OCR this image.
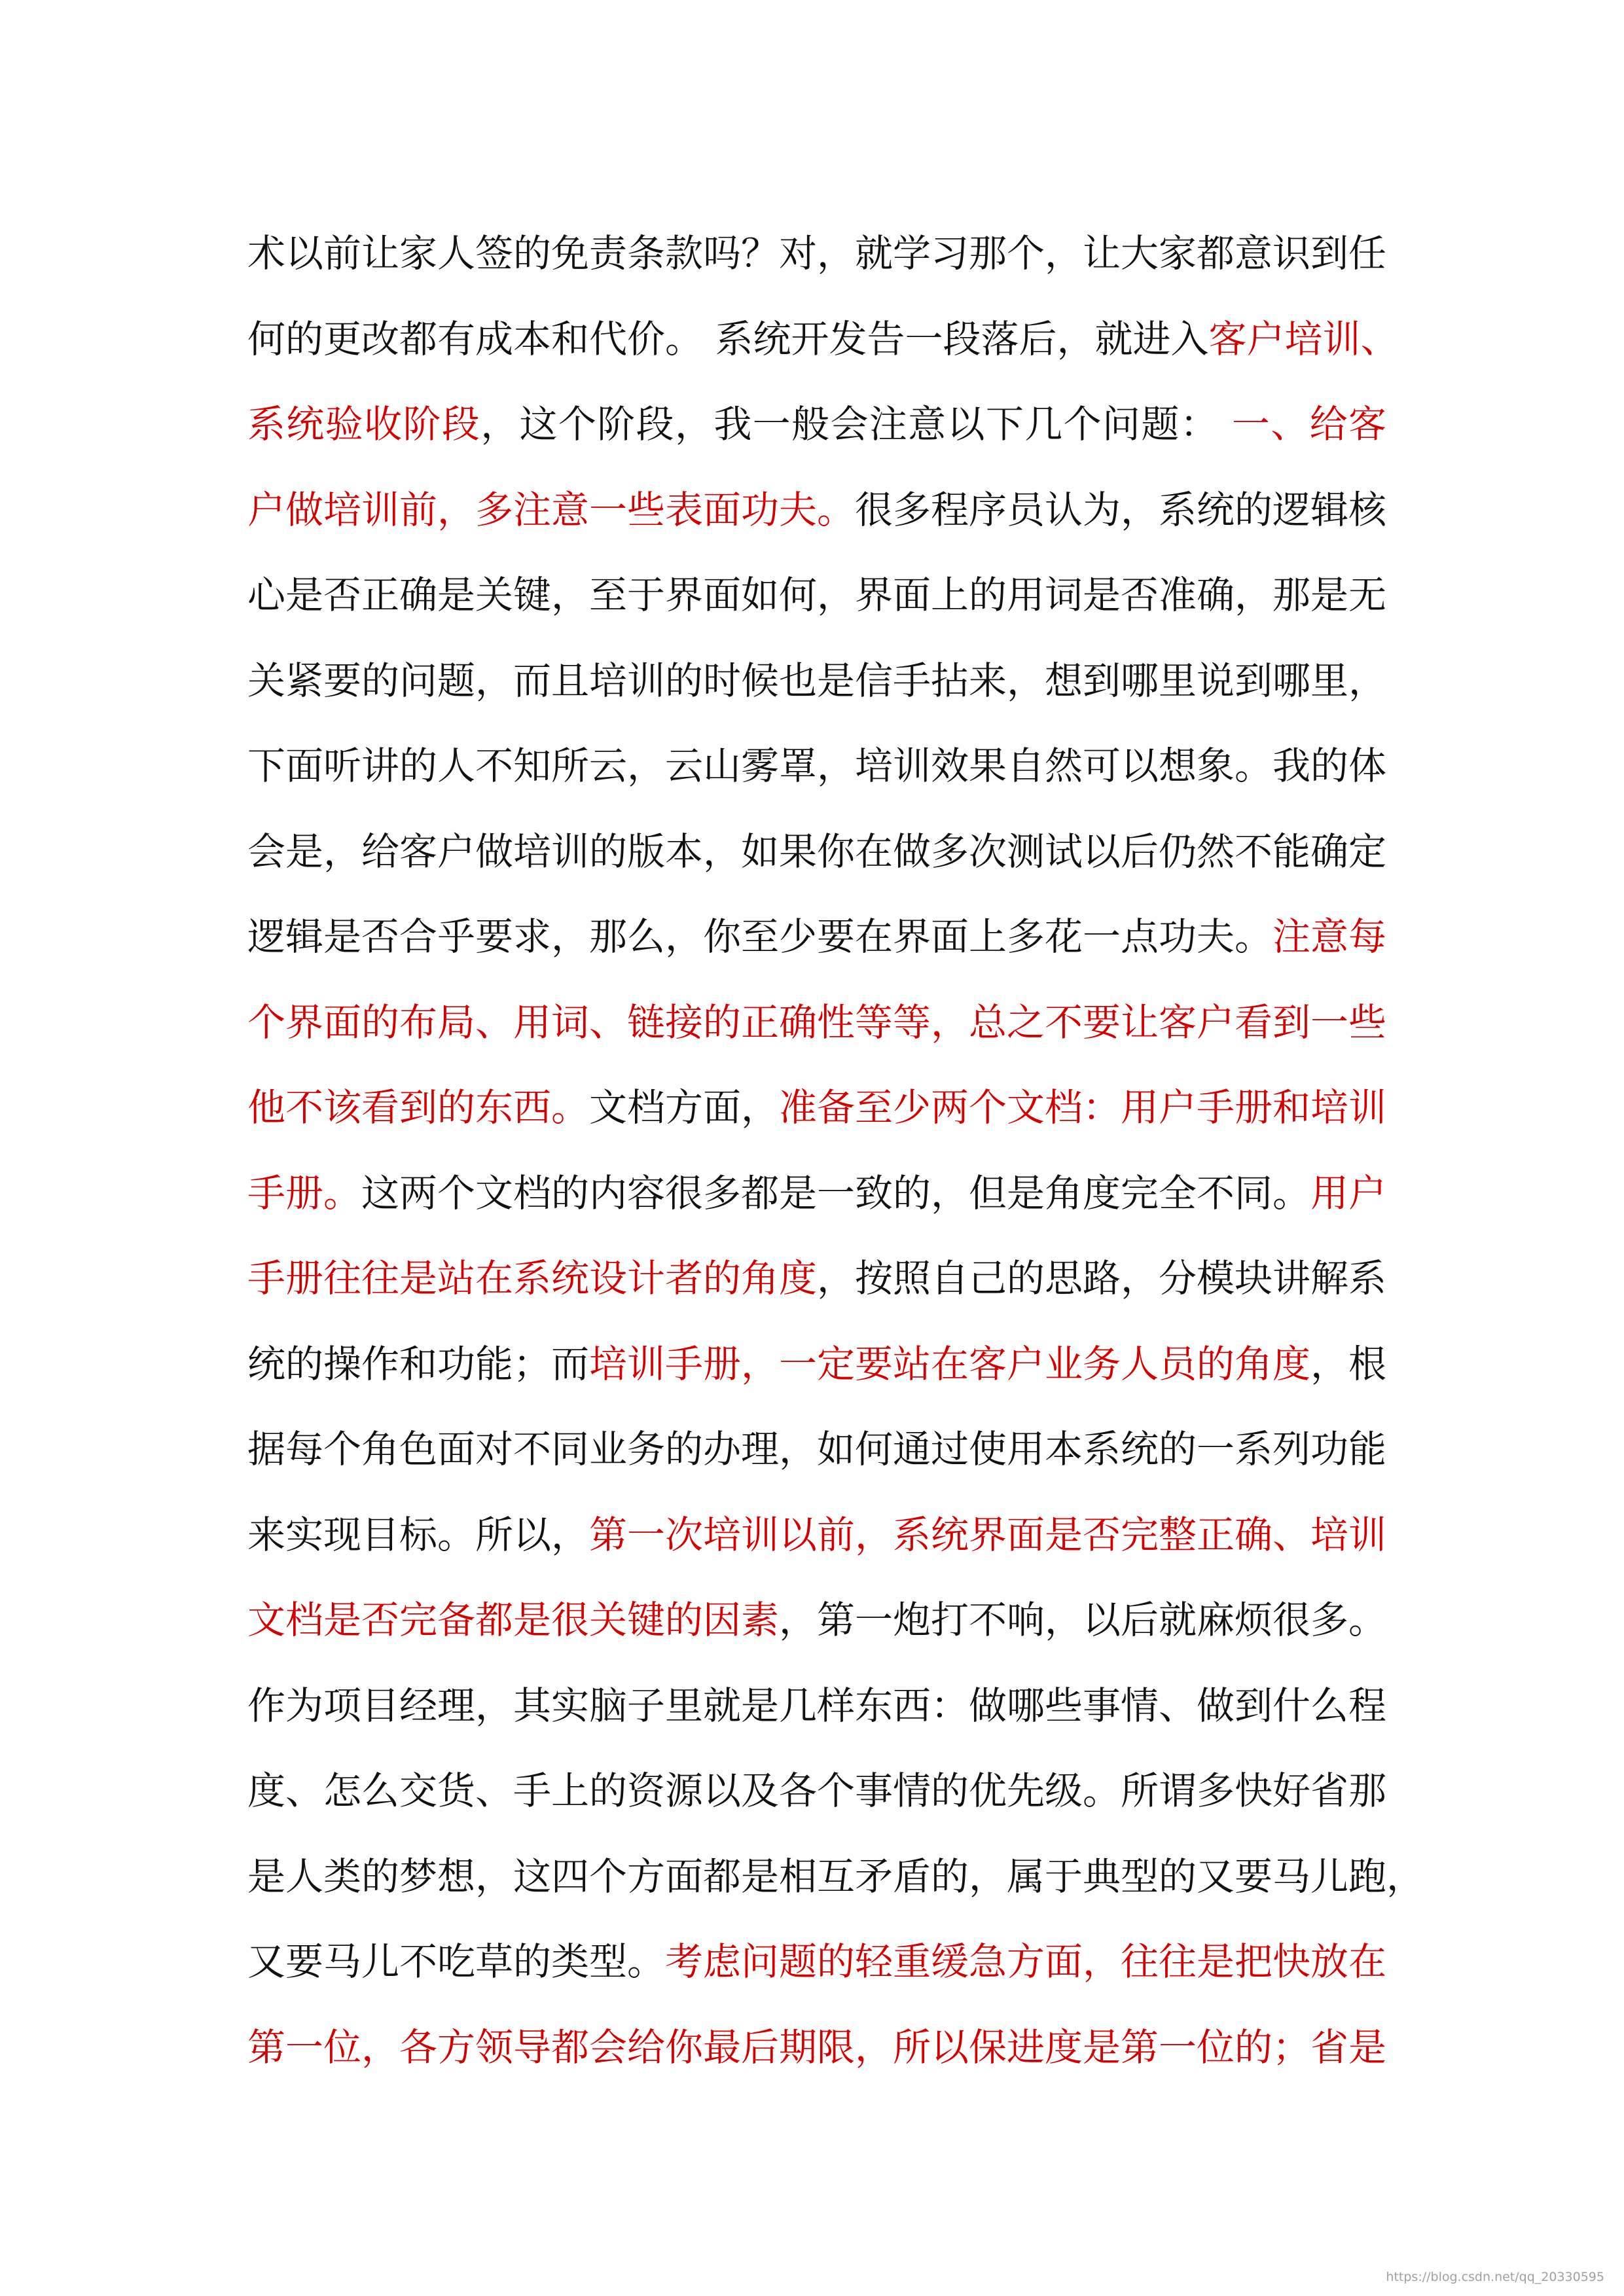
术以前让家人签的免责条款吗？对，就学习那个，让大家都意识到任
何的更改都有成本和代价。 系统开发告一段落后，就进入客户培训、
系统验收阶段，这个阶段，我一般会注意以下几个问题： 一、给客
户做培训前，多注意一些表面功夫。很多程序员认为，系统的逻辑核
心是否正确是关键，至于界面如何，界面上的用词是否准确，那是无
关紧要的问题，而且培训的时候也是信手拈来，想到哪里说到哪里，
下面听讲的人不知所云，云山雾罩，培训效果自然可以想象。我的体
会是，给客户做培训的版本，如果你在做多次测试以后仍然不能确定
逻辑是否合乎要求，那么，你至少要在界面上多花一点功夫。注意每
个界面的布局、用词、链接的正确性等等，总之不要让客户看到一些
他不该看到的东西。文档方面，准备至少两个文档：用户手册和培训
手册。这两个文档的内容很多都是一致的，但是角度完全不同。用户
手册往往是站在系统设计者的角度，按照自己的思路，分模块讲解系
统的操作和功能；而培训手册，一定要站在客户业务人员的角度，根
据每个角色面对不同业务的办理，如何通过使用本系统的一系列功能
来实现目标。所以，第一次培训以前，系统界面是否完整正确、培训
文档是否完备都是很关键的因素，第一炮打不响，以后就麻烦很多。
作为项目经理，其实脑子里就是几样东西：做哪些事情、做到什么程
度、怎么交货、手上的资源以及各个事情的优先级。所谓多快好省那
是人类的梦想，这四个方面都是相互矛盾的，属于典型的又要马儿跑，
又要马儿不吃草的类型。考虑问题的轻重缓急方面，往往是把快放在
第一位，各方领导都会给你最后期限，所以保进度是第一位的；省是
https://blog.csdn.net/qq_20330595
